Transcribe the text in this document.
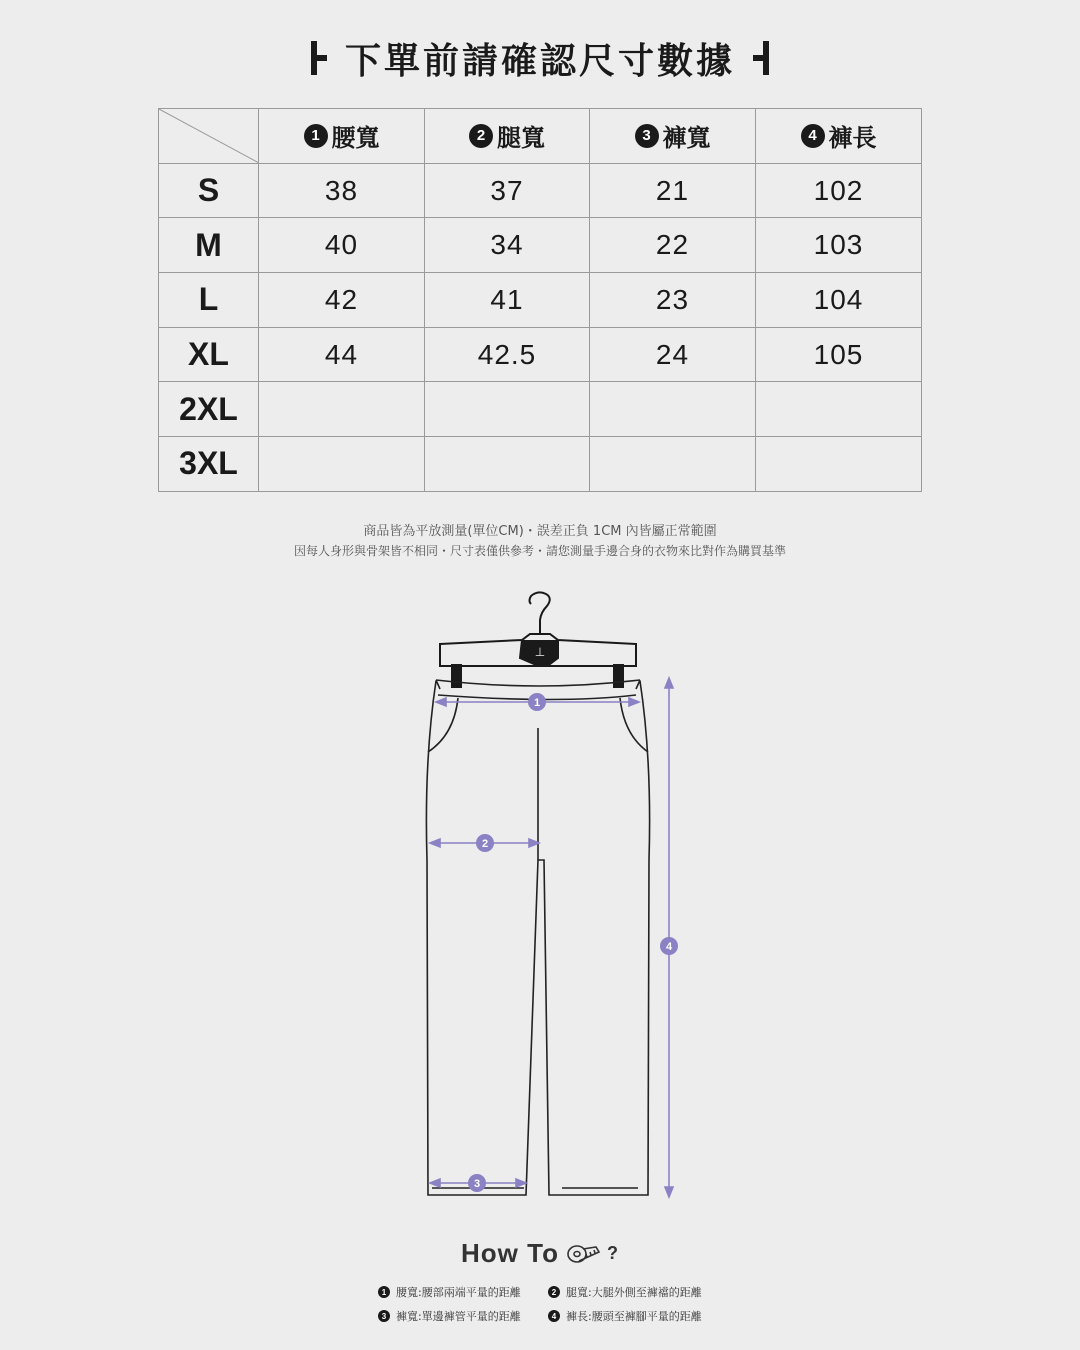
下單前請確認尺寸數據

1 腰寬	2 腿寬	3 褲寬	4 褲長

S	38	37	21	102
M	40	34	22	103
L	42	41	23	104
XL	44	42.5	24	105
2XL				
3XL				
商品皆為平放測量(單位CM)・誤差正負 1CM 內皆屬正常範圍
因每人身形與骨架皆不相同・尺寸表僅供參考・請您測量手邊合身的衣物來比對作為購買基準
⊥
1
2
3
4
How To	?
1 腰寬:腰部兩端平量的距離	2 腿寬:大腿外側至褲襠的距離
3 褲寬:單邊褲管平量的距離	4 褲長:腰頭至褲腳平量的距離
